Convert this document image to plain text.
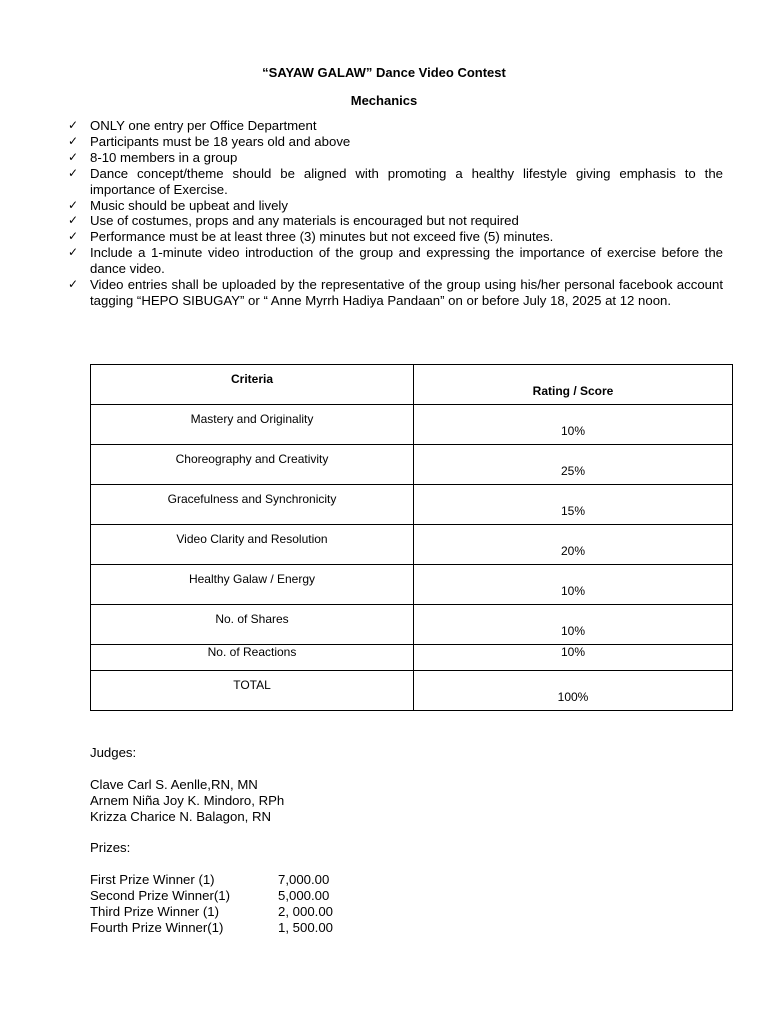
“SAYAW GALAW” Dance Video Contest
Mechanics
✓ ONLY one entry per Office Department
✓ Participants must be 18 years old and above
✓ 8-10 members in a group
✓ Dance concept/theme should be aligned with promoting a healthy lifestyle giving emphasis to the importance of Exercise.
✓ Music should be upbeat and lively
✓ Use of costumes, props and any materials is encouraged but not required
✓ Performance must be at least three (3) minutes but not exceed five (5) minutes.
✓ Include a 1-minute video introduction of the group and expressing the importance of exercise before the dance video.
✓ Video entries shall be uploaded by the representative of the group using his/her personal facebook account tagging “HEPO SIBUGAY” or “ Anne Myrrh Hadiya Pandaan” on or before July 18, 2025 at 12 noon.
Criteria	Rating / Score
Mastery and Originality	10%
Choreography and Creativity	25%
Gracefulness and Synchronicity	15%
Video Clarity and Resolution	20%
Healthy Galaw / Energy	10%
No. of Shares	10%
No. of Reactions	10%
TOTAL	100%
Judges:
Clave Carl S. Aenlle,RN, MN
Arnem Niña Joy K. Mindoro, RPh
Krizza Charice N. Balagon, RN
Prizes:
First Prize Winner (1)	7,000.00
Second Prize Winner(1)	5,000.00
Third Prize Winner (1)	2, 000.00
Fourth Prize Winner(1)	1, 500.00
